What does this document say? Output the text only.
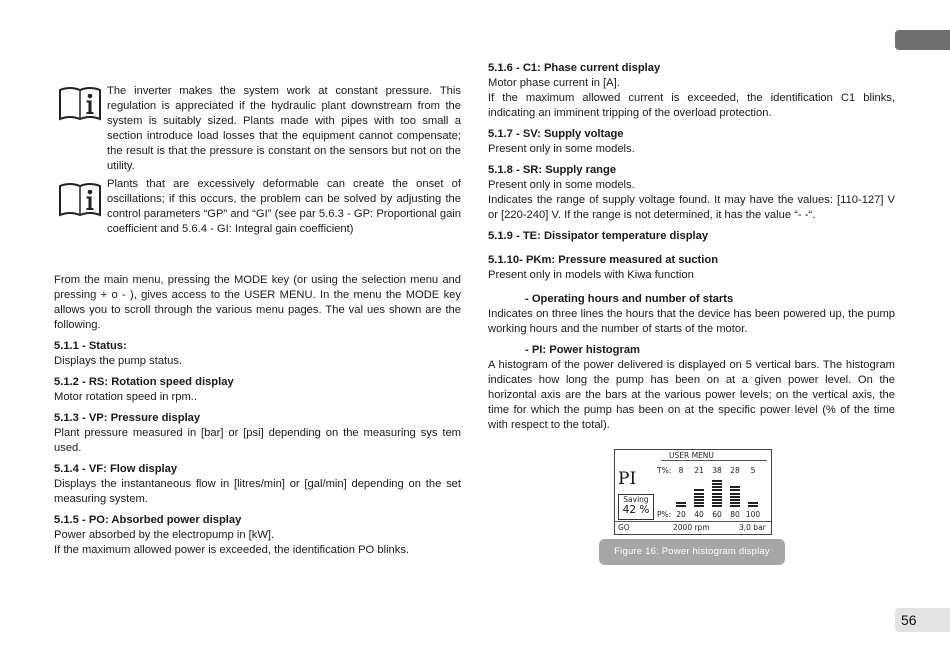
The inverter makes the system work at constant pressure. This regulation is appreciated if the hydraulic plant downstream from the system is suitably sized. Plants made with pipes with too small a section introduce load losses that the equipment cannot compensate; the result is that the pressure is constant on the sensors but not on the utility.

Plants that are excessively deformable can create the onset of oscillations; if this occurs, the problem can be solved by adjusting the control parameters “GP” and “GI” (see par 5.6.3 - GP: Proportional gain coefficient and 5.6.4 - GI: Integral gain coefficient)

From the main menu, pressing the MODE key (or using the selection menu and pressing + o - ), gives access to the USER MENU. In the menu the MODE key allows you to scroll through the various menu pages. The val ues shown are the following.

5.1.1 - Status:

Displays the pump status.

5.1.2 - RS: Rotation speed display

Motor rotation speed in rpm..

5.1.3 - VP: Pressure display

Plant pressure measured in [bar] or [psi] depending on the measuring sys tem used.

5.1.4 - VF: Flow display

Displays the instantaneous flow in [litres/min] or [gal/min] depending on the set measuring system.

5.1.5 - PO: Absorbed power display

Power absorbed by the electropump in [kW].

If the maximum allowed power is exceeded, the identification PO blinks.

5.1.6 - C1: Phase current display

Motor phase current in [A].

If the maximum allowed current is exceeded, the identification C1 blinks, indicating an imminent tripping of the overload protection.

5.1.7 - SV: Supply voltage

Present only in some models.

5.1.8 - SR: Supply range

Present only in some models.

Indicates the range of supply voltage found. It may have the values: [110-127] V or [220-240] V. If the range is not determined, it has the value “- -“.

5.1.9 - TE: Dissipator temperature display

5.1.10- PKm: Pressure measured at suction

Present only in models with Kiwa function

- Operating hours and number of starts

Indicates on three lines the hours that the device has been powered up, the pump working hours and the number of starts of the motor.

- PI: Power histogram

A histogram of the power delivered is displayed on 5 vertical bars. The histogram indicates how long the pump has been on at a given power level. On the horizontal axis are the bars at the various power levels; on the vertical axis, the time for which the pump has been on at the specific power level (% of the time with respect to the total).

USER MENU
PI	T%:
P%:
Saving
42 %
GO	2000 rpm	3,0 bar
8
20
21
40
38
60
28
80
5
100
Figure 16: Power histogram display
56
